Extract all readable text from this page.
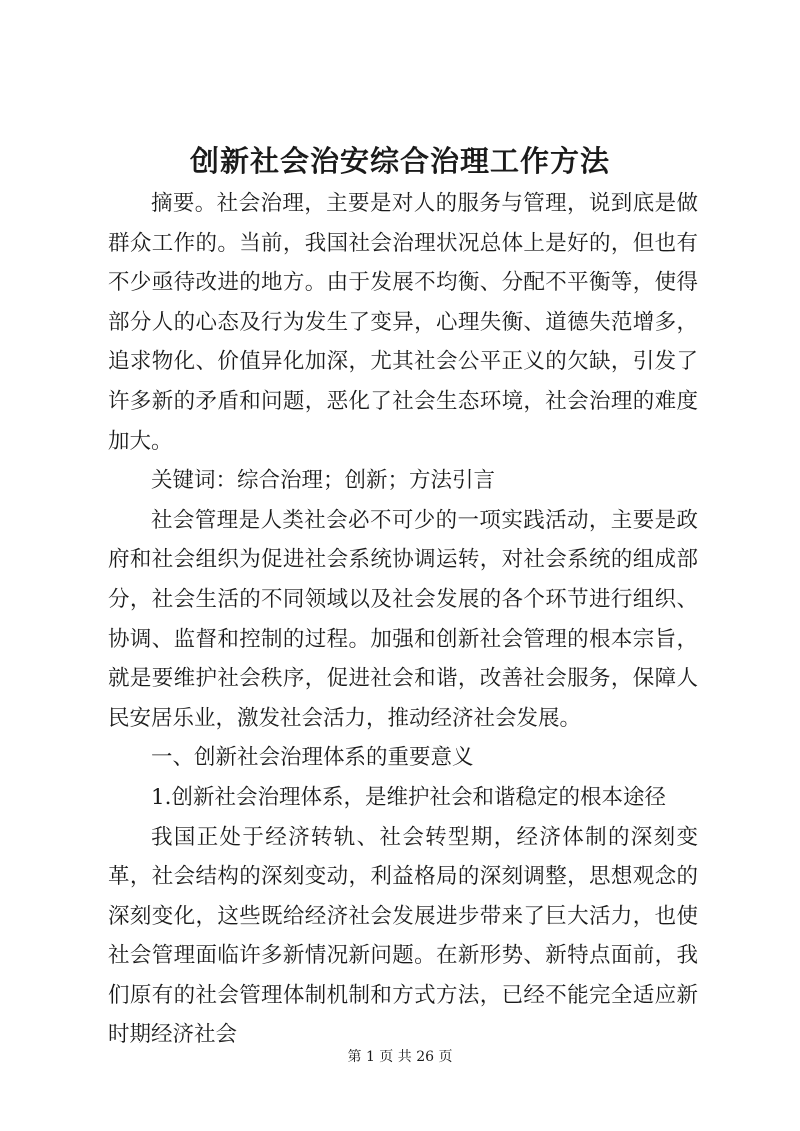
创新社会治安综合治理工作方法

摘要。社会治理，主要是对人的服务与管理，说到底是做群众工作的。当前，我国社会治理状况总体上是好的，但也有不少亟待改进的地方。由于发展不均衡、分配不平衡等，使得部分人的心态及行为发生了变异，心理失衡、道德失范增多，追求物化、价值异化加深，尤其社会公平正义的欠缺，引发了许多新的矛盾和问题，恶化了社会生态环境，社会治理的难度加大。

关键词：综合治理；创新；方法引言

社会管理是人类社会必不可少的一项实践活动，主要是政府和社会组织为促进社会系统协调运转，对社会系统的组成部分，社会生活的不同领域以及社会发展的各个环节进行组织、协调、监督和控制的过程。加强和创新社会管理的根本宗旨，就是要维护社会秩序，促进社会和谐，改善社会服务，保障人民安居乐业，激发社会活力，推动经济社会发展。

一、创新社会治理体系的重要意义

1.创新社会治理体系，是维护社会和谐稳定的根本途径

我国正处于经济转轨、社会转型期，经济体制的深刻变革，社会结构的深刻变动，利益格局的深刻调整，思想观念的深刻变化，这些既给经济社会发展进步带来了巨大活力，也使社会管理面临许多新情况新问题。在新形势、新特点面前，我们原有的社会管理体制机制和方式方法，已经不能完全适应新时期经济社会

第 1 页 共 26 页
